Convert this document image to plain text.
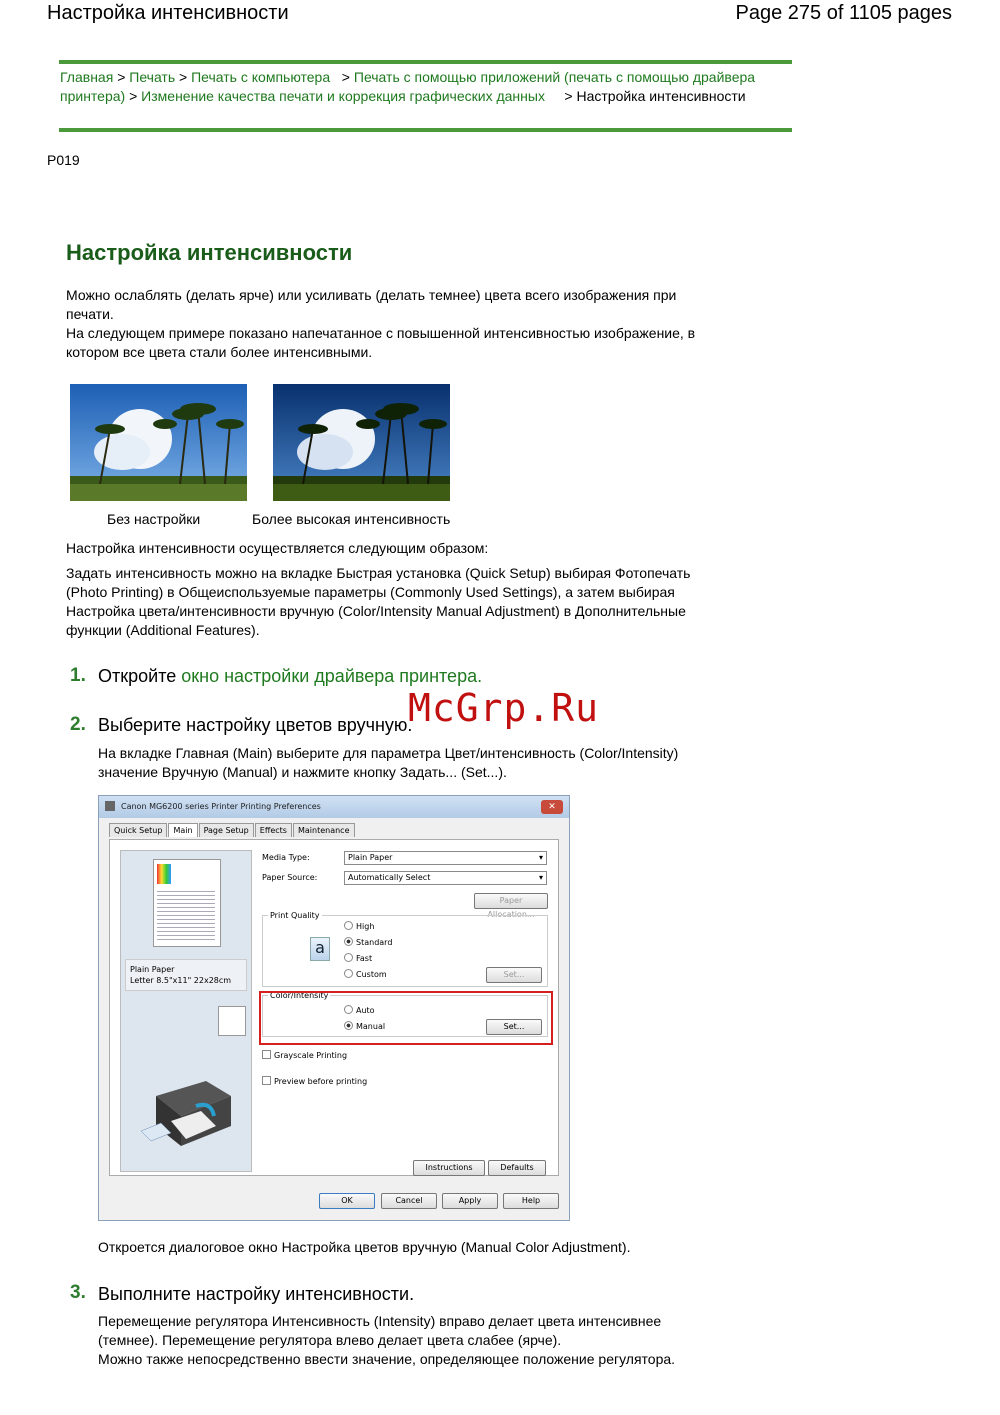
Настройка интенсивности	Page 275 of 1105 pages
Главная > Печать > Печать с компьютера   > Печать с помощью приложений (печать с помощью драйвера принтера) > Изменение качества печати и коррекция графических данных     > Настройка интенсивности
P019
Настройка интенсивности
Можно ослаблять (делать ярче) или усиливать (делать темнее) цвета всего изображения при
печати.
На следующем примере показано напечатанное с повышенной интенсивностью изображение, в
котором все цвета стали более интенсивными.
Без настройки	Более высокая интенсивность
Настройка интенсивности осуществляется следующим образом:
Задать интенсивность можно на вкладке Быстрая установка (Quick Setup) выбирая Фотопечать
(Photo Printing) в Общеиспользуемые параметры (Commonly Used Settings), а затем выбирая
Настройка цвета/интенсивности вручную (Color/Intensity Manual Adjustment) в Дополнительные
функции (Additional Features).
1. Откройте окно настройки драйвера принтера.
2. Выберите настройку цветов вручную.
На вкладке Главная (Main) выберите для параметра Цвет/интенсивность (Color/Intensity)
значение Вручную (Manual) и нажмите кнопку Задать... (Set...).
McGrp.Ru
Canon MG6200 series Printer Printing Preferences	✕
Quick Setup Main Page Setup Effects Maintenance
Plain Paper
Letter 8.5"x11" 22x28cm
Media Type:	Plain Paper ▾
Paper Source:	Automatically Select ▾
Paper Allocation...
Print Quality
a
High
Standard
Fast
Custom	Set...
Color/Intensity
Auto
Manual	Set...
Grayscale Printing
Preview before printing
Instructions	Defaults
OK	Cancel	Apply	Help
Откроется диалоговое окно Настройка цветов вручную (Manual Color Adjustment).
3. Выполните настройку интенсивности.
Перемещение регулятора Интенсивность (Intensity) вправо делает цвета интенсивнее
(темнее). Перемещение регулятора влево делает цвета слабее (ярче).
Можно также непосредственно ввести значение, определяющее положение регулятора.
